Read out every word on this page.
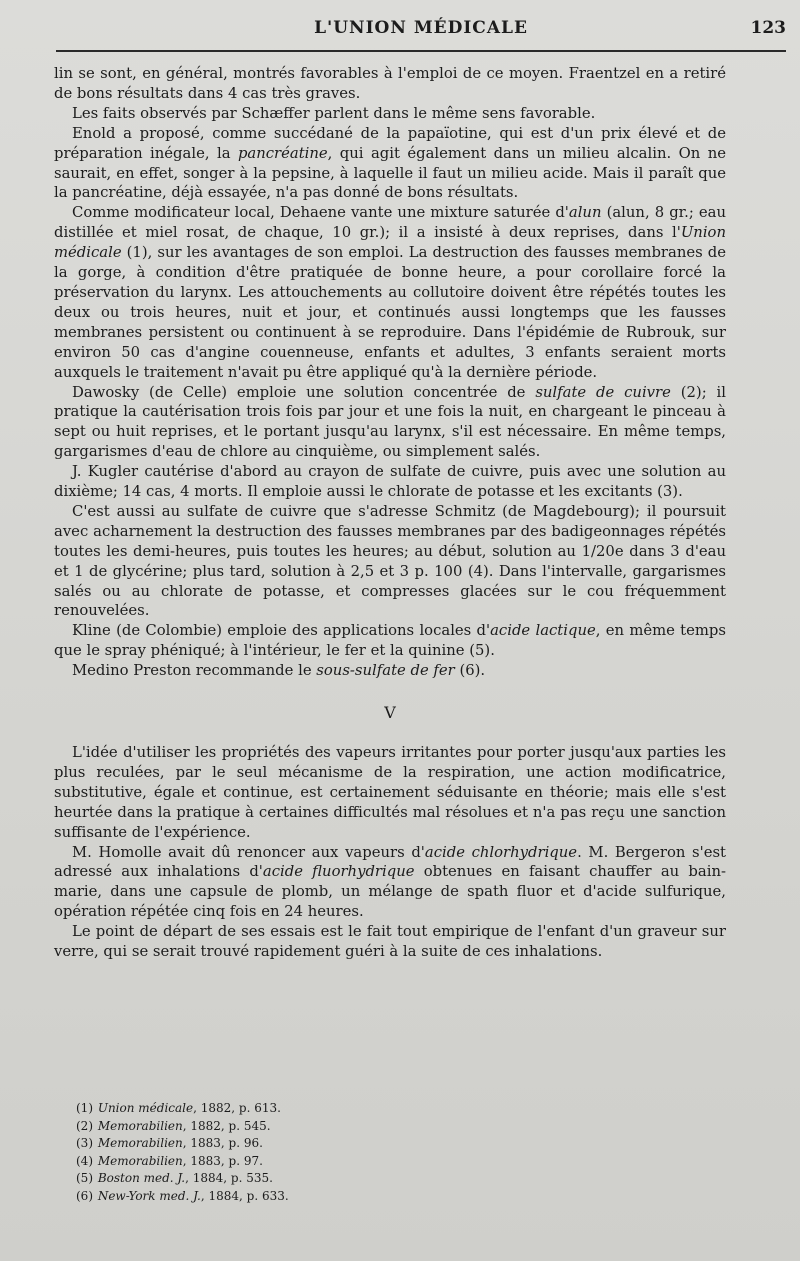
L'UNION MÉDICALE	123

lin se sont, en général, montrés favorables à l'emploi de ce moyen. Fraentzel en a retiré de bons résultats dans 4 cas très graves.

Les faits observés par Schæffer parlent dans le même sens favorable.

Enold a proposé, comme succédané de la papaïotine, qui est d'un prix élevé et de préparation inégale, la pancréatine, qui agit également dans un milieu alcalin. On ne saurait, en effet, songer à la pepsine, à laquelle il faut un milieu acide. Mais il paraît que la pancréatine, déjà essayée, n'a pas donné de bons résultats.

Comme modificateur local, Dehaene vante une mixture saturée d'alun (alun, 8 gr.; eau distillée et miel rosat, de chaque, 10 gr.); il a insisté à deux reprises, dans l'Union médicale (1), sur les avantages de son emploi. La destruction des fausses membranes de la gorge, à condition d'être pratiquée de bonne heure, a pour corollaire forcé la préservation du larynx. Les attouchements au collutoire doivent être répétés toutes les deux ou trois heures, nuit et jour, et continués aussi longtemps que les fausses membranes persistent ou continuent à se reproduire. Dans l'épidémie de Rubrouk, sur environ 50 cas d'angine couenneuse, enfants et adultes, 3 enfants seraient morts auxquels le traitement n'avait pu être appliqué qu'à la dernière période.

Dawosky (de Celle) emploie une solution concentrée de sulfate de cuivre (2); il pratique la cautérisation trois fois par jour et une fois la nuit, en chargeant le pinceau à sept ou huit reprises, et le portant jusqu'au larynx, s'il est nécessaire. En même temps, gargarismes d'eau de chlore au cinquième, ou simplement salés.

J. Kugler cautérise d'abord au crayon de sulfate de cuivre, puis avec une solution au dixième; 14 cas, 4 morts. Il emploie aussi le chlorate de potasse et les excitants (3).

C'est aussi au sulfate de cuivre que s'adresse Schmitz (de Magdebourg); il poursuit avec acharnement la destruction des fausses membranes par des badigeonnages répétés toutes les demi-heures, puis toutes les heures; au début, solution au 1/20e dans 3 d'eau et 1 de glycérine; plus tard, solution à 2,5 et 3 p. 100 (4). Dans l'intervalle, gargarismes salés ou au chlorate de potasse, et compresses glacées sur le cou fréquemment renouvelées.

Kline (de Colombie) emploie des applications locales d'acide lactique, en même temps que le spray phéniqué; à l'intérieur, le fer et la quinine (5).

Medino Preston recommande le sous-sulfate de fer (6).

V

L'idée d'utiliser les propriétés des vapeurs irritantes pour porter jusqu'aux parties les plus reculées, par le seul mécanisme de la respiration, une action modificatrice, substitutive, égale et continue, est certainement séduisante en théorie; mais elle s'est heurtée dans la pratique à certaines difficultés mal résolues et n'a pas reçu une sanction suffisante de l'expérience.

M. Homolle avait dû renoncer aux vapeurs d'acide chlorhydrique. M. Bergeron s'est adressé aux inhalations d'acide fluorhydrique obtenues en faisant chauffer au bain-marie, dans une capsule de plomb, un mélange de spath fluor et d'acide sulfurique, opération répétée cinq fois en 24 heures.

Le point de départ de ses essais est le fait tout empirique de l'enfant d'un graveur sur verre, qui se serait trouvé rapidement guéri à la suite de ces inhalations.

(1) Union médicale, 1882, p. 613.
(2) Memorabilien, 1882, p. 545.
(3) Memorabilien, 1883, p. 96.
(4) Memorabilien, 1883, p. 97.
(5) Boston med. J., 1884, p. 535.
(6) New-York med. J., 1884, p. 633.
